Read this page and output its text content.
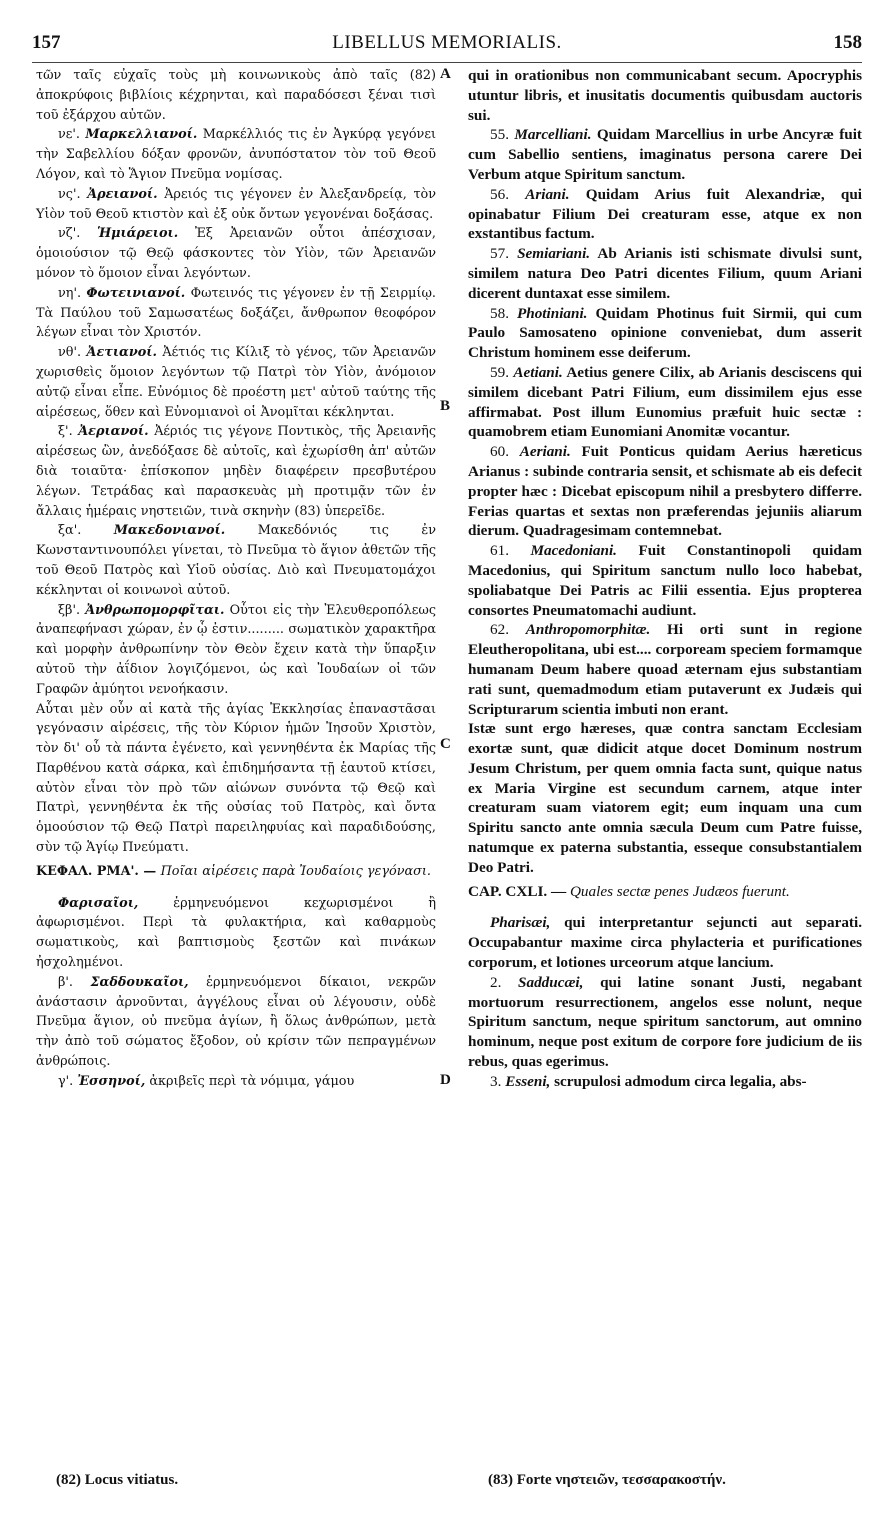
157	LIBELLUS MEMORIALIS.	158

τῶν ταῖς εὐχαῖς τοὺς μὴ κοινωνικοὺς ἀπὸ ταῖς (82) ἀποκρύφοις βιβλίοις κέχρηνται, καὶ παραδόσεσι ξέναι τισὶ τοῦ ἐξάρχου αὐτῶν.

νε'. Μαρκελλιανοί. Μαρκέλλιός τις ἐν Ἀγκύρᾳ γεγόνει τὴν Σαβελλίου δόξαν φρονῶν, ἀνυπόστατον τὸν τοῦ Θεοῦ Λόγον, καὶ τὸ Ἅγιον Πνεῦμα νομίσας.

νς'. Ἀρειανοί. Ἀρειός τις γέγονεν ἐν Ἀλεξανδρείᾳ, τὸν Υἱὸν τοῦ Θεοῦ κτιστὸν καὶ ἐξ οὐκ ὄντων γεγονέναι δοξάσας.

νζ'. Ἡμιάρειοι. Ἐξ Ἀρειανῶν οὗτοι ἀπέσχισαν, ὁμοιούσιον τῷ Θεῷ φάσκοντες τὸν Υἱὸν, τῶν Ἀρειανῶν μόνον τὸ ὅμοιον εἶναι λεγόντων.

νη'. Φωτεινιανοί. Φωτεινός τις γέγονεν ἐν τῇ Σειρμίῳ. Τὰ Παύλου τοῦ Σαμωσατέως δοξάζει, ἄνθρωπον θεοφόρον λέγων εἶναι τὸν Χριστόν.

νθ'. Ἀετιανοί. Ἀέτιός τις Κίλιξ τὸ γένος, τῶν Ἀρειανῶν χωρισθεὶς ὅμοιον λεγόντων τῷ Πατρὶ τὸν Υἱὸν, ἀνόμοιον αὐτῷ εἶναι εἶπε. Εὐνόμιος δὲ προέστη μετ' αὐτοῦ ταύτης τῆς αἱρέσεως, ὅθεν καὶ Εὐνομιανοὶ οἱ Ἀνομῖται κέκληνται.

ξ'. Ἀεριανοί. Ἀέριός τις γέγονε Ποντικὸς, τῆς Ἀρειανῆς αἱρέσεως ὢν, ἀνεδόξασε δὲ αὐτοῖς, καὶ ἐχωρίσθη ἀπ' αὐτῶν διὰ τοιαῦτα· ἐπίσκοπον μηδὲν διαφέρειν πρεσβυτέρου λέγων. Τετράδας καὶ παρασκευὰς μὴ προτιμᾷν τῶν ἐν ἄλλαις ἡμέραις νηστειῶν, τινὰ σκηνὴν (83) ὑπερεῖδε.

ξα'.	Μακεδονιανοί.	Μακεδόνιός τις ἐν Κωνσταντινουπόλει γίνεται, τὸ Πνεῦμα τὸ ἅγιον ἀθετῶν τῆς τοῦ Θεοῦ Πατρὸς καὶ Υἱοῦ οὐσίας. Διὸ καὶ Πνευματομάχοι κέκληνται οἱ κοινωνοὶ αὐτοῦ.

ξβ'. Ἀνθρωπομορφῖται. Οὗτοι εἰς τὴν Ἐλευθεροπόλεως ἀναπεφήνασι χώραν, ἐν ᾧ ἐστιν......... σωματικὸν χαρακτῆρα καὶ μορφὴν ἀνθρωπίνην τὸν Θεὸν ἔχειν κατὰ τὴν ὕπαρξιν αὐτοῦ τὴν ἀΐδιον λογιζόμενοι, ὡς καὶ Ἰουδαίων οἱ τῶν Γραφῶν ἀμύητοι νενοήκασιν.

Αὗται μὲν οὖν αἱ κατὰ τῆς ἁγίας Ἐκκλησίας ἐπαναστᾶσαι γεγόνασιν αἱρέσεις, τῆς τὸν Κύριον ἡμῶν Ἰησοῦν Χριστὸν, τὸν δι' οὗ τὰ πάντα ἐγένετο, καὶ γεννηθέντα ἐκ Μαρίας τῆς Παρθένου κατὰ σάρκα, καὶ ἐπιδημήσαντα τῇ ἑαυτοῦ κτίσει, αὐτὸν εἶναι τὸν πρὸ τῶν αἰώνων συνόντα τῷ Θεῷ καὶ Πατρὶ, γεννηθέντα ἐκ τῆς οὐσίας τοῦ Πατρὸς, καὶ ὄντα ὁμοούσιον τῷ Θεῷ Πατρὶ παρειληφυίας καὶ παραδιδούσης, σὺν τῷ Ἁγίῳ Πνεύματι.

ΚΕΦΑΛ. ΡΜΑ'. — Ποῖαι αἱρέσεις παρὰ Ἰουδαίοις γεγόνασι.

Φαρισαῖοι,	ἑρμηνευόμενοι κεχωρισμένοι ἢ ἀφωρισμένοι. Περὶ τὰ φυλακτήρια, καὶ καθαρμοὺς σωματικοὺς, καὶ βαπτισμοὺς ξεστῶν καὶ πινάκων ἠσχολημένοι.

β'. Σαδδουκαῖοι, ἑρμηνευόμενοι δίκαιοι, νεκρῶν ἀνάστασιν ἀρνοῦνται, ἀγγέλους εἶναι οὐ λέγουσιν, οὐδὲ Πνεῦμα ἅγιον, οὐ πνεῦμα ἁγίων, ἢ ὅλως ἀνθρώπων, μετὰ τὴν ἀπὸ τοῦ σώματος ἔξοδον, οὐ κρίσιν τῶν πεπραγμένων ἀνθρώποις.

γ'. Ἐσσηνοί, ἀκριβεῖς περὶ τὰ νόμιμα, γάμου

qui in orationibus non communicabant secum. Apocryphis utuntur libris, et inusitatis documentis quibusdam auctoris sui.

55. Marcelliani. Quidam Marcellius in urbe Ancyræ fuit cum Sabellio sentiens, imaginatus persona carere Dei Verbum atque Spiritum sanctum.

56. Ariani. Quidam Arius fuit Alexandriæ, qui opinabatur Filium Dei creaturam esse, atque ex non exstantibus factum.

57. Semiariani. Ab Arianis isti schismate divulsi sunt, similem natura Deo Patri dicentes Filium, quum Ariani dicerent duntaxat esse similem.

58. Photiniani. Quidam Photinus fuit Sirmii, qui cum Paulo Samosateno opinione conveniebat, dum asserit Christum hominem esse deiferum.

59. Aetiani. Aetius genere Cilix, ab Arianis desciscens qui similem dicebant Patri Filium, eum dissimilem ejus esse affirmabat. Post illum Eunomius præfuit huic sectæ : quamobrem etiam Eunomiani Anomitæ vocantur.

60. Aeriani. Fuit Ponticus quidam Aerius hæreticus Arianus : subinde contraria sensit, et schismate ab eis defecit propter hæc : Dicebat episcopum nihil a presbytero differre. Ferias quartas et sextas non præferendas jejuniis aliarum dierum. Quadragesimam contemnebat.

61. Macedoniani. Fuit Constantinopoli quidam Macedonius, qui Spiritum sanctum nullo loco habebat, spoliabatque Dei Patris ac Filii essentia. Ejus propterea consortes Pneumatomachi audiunt.

62. Anthropomorphitæ. Hi orti sunt in regione Eleutheropolitana, ubi est.... corpoream speciem formamque humanam Deum habere quoad æternam ejus substantiam rati sunt, quemadmodum etiam putaverunt ex Judæis qui Scripturarum scientia imbuti non erant.

Istæ sunt ergo hæreses, quæ contra sanctam Ecclesiam exortæ sunt, quæ didicit atque docet Dominum nostrum Jesum Christum, per quem omnia facta sunt, quique natus ex Maria Virgine est secundum carnem, atque inter creaturam suam viatorem egit; eum inquam una cum Spiritu sancto ante omnia sæcula Deum cum Patre fuisse, natumque ex paterna substantia, esseque consubstantialem Deo Patri.

CAP. CXLI. — Quales sectæ penes Judæos fuerunt.

Pharisæi, qui interpretantur sejuncti aut separati. Occupabantur maxime circa phylacteria et purificationes corporum, et lotiones urceorum atque lancium.

2. Sadducæi, qui latine sonant Justi, negabant mortuorum resurrectionem, angelos esse nolunt, neque Spiritum sanctum, neque spiritum sanctorum, aut omnino hominum, neque post exitum de corpore fore judicium de iis rebus, quas egerimus.

3. Esseni, scrupulosi admodum circa legalia, abs-

A
B
C
D
(82) Locus vitiatus.	(83) Forte νηστειῶν, τεσσαρακοστήν.
